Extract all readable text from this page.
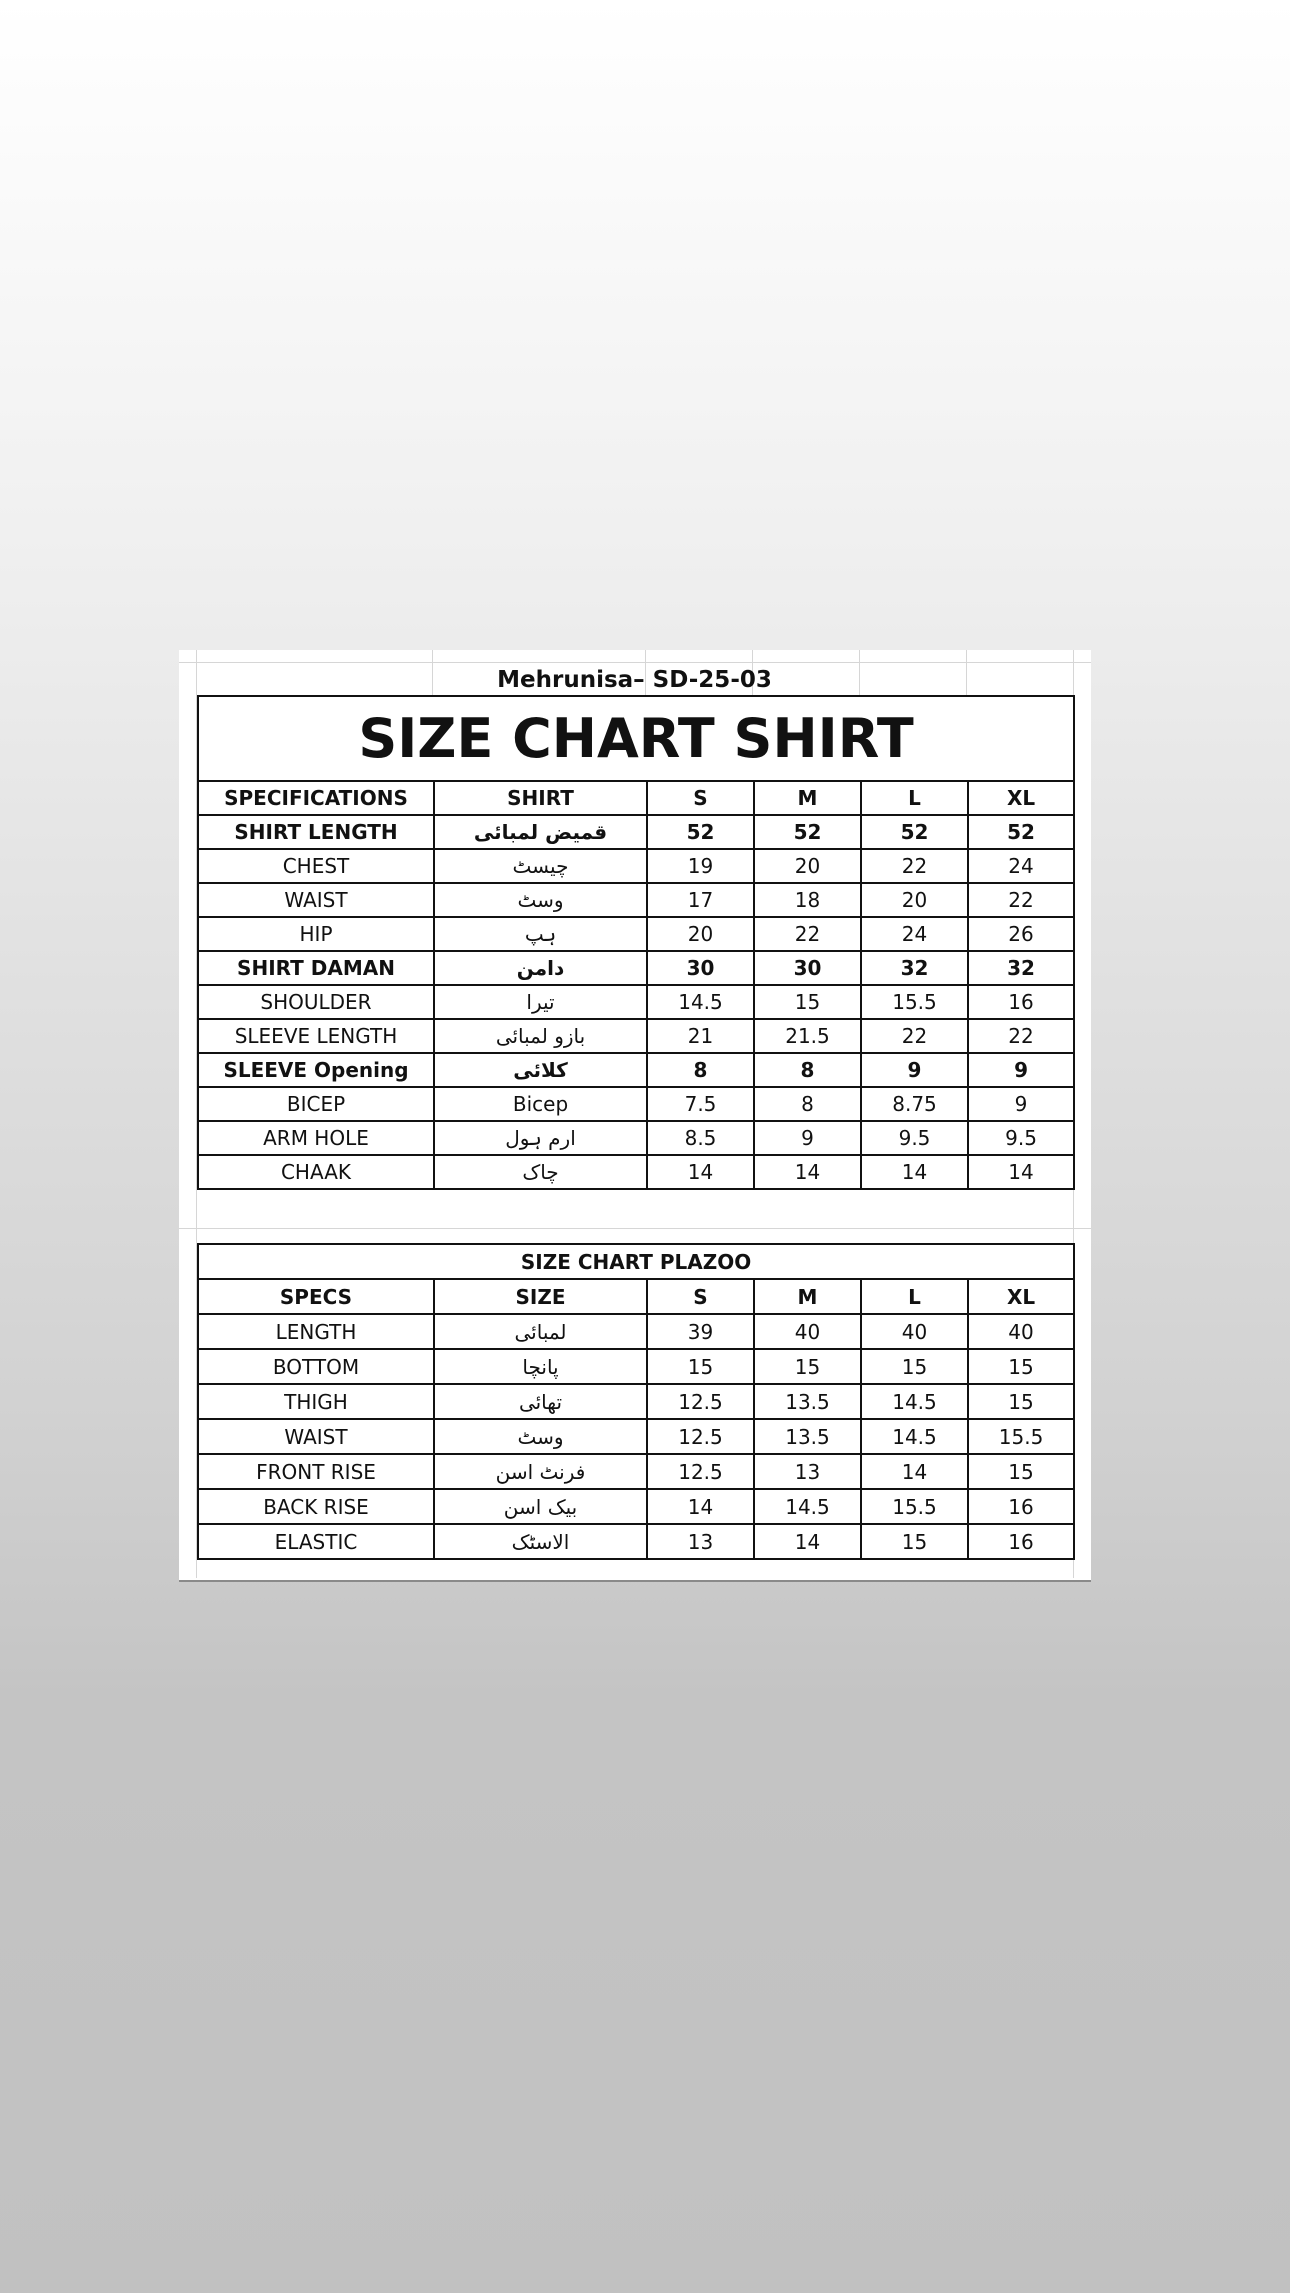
Mehrunisa– SD-25-03
SIZE CHART SHIRT					
SPECIFICATIONS	SHIRT	S	M	L	XL
SHIRT LENGTH	قمیض لمبائی	52	52	52	52
CHEST	چیسٹ	19	20	22	24
WAIST	وسٹ	17	18	20	22
HIP	ہپ	20	22	24	26
SHIRT DAMAN	دامن	30	30	32	32
SHOULDER	تیرا	14.5	15	15.5	16
SLEEVE LENGTH	بازو لمبائی	21	21.5	22	22
SLEEVE Opening	کلائی	8	8	9	9
BICEP	Bicep	7.5	8	8.75	9
ARM HOLE	ارم ہول	8.5	9	9.5	9.5
CHAAK	چاک	14	14	14	14
SIZE CHART PLAZOO					
SPECS	SIZE	S	M	L	XL
LENGTH	لمبائی	39	40	40	40
BOTTOM	پانچا	15	15	15	15
THIGH	تھائی	12.5	13.5	14.5	15
WAIST	وسٹ	12.5	13.5	14.5	15.5
FRONT RISE	فرنٹ اسن	12.5	13	14	15
BACK RISE	بیک اسن	14	14.5	15.5	16
ELASTIC	الاسٹک	13	14	15	16
